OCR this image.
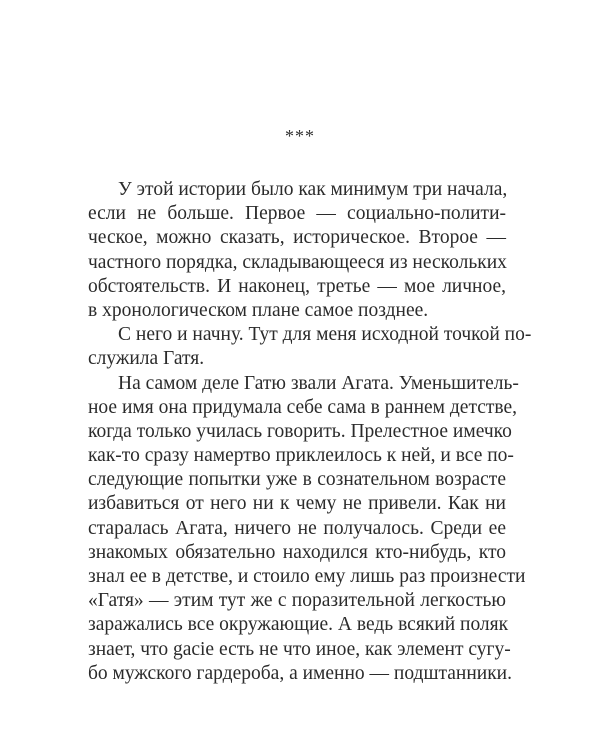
***
У этой истории было как минимум три начала,
если не больше. Первое — социально-полити-
ческое, можно сказать, историческое. Второе —
частного порядка, складывающееся из нескольких
обстоятельств. И наконец, третье — мое личное,
в хронологическом плане самое позднее.
С него и начну. Тут для меня исходной точкой по-
служила Гатя.
На самом деле Гатю звали Агата. Уменьшитель-
ное имя она придумала себе сама в раннем детстве,
когда только училась говорить. Прелестное имечко
как-то сразу намертво приклеилось к ней, и все по-
следующие попытки уже в сознательном возрасте
избавиться от него ни к чему не привели. Как ни
старалась Агата, ничего не получалось. Среди ее
знакомых обязательно находился кто-нибудь, кто
знал ее в детстве, и стоило ему лишь раз произнести
«Гатя» — этим тут же с поразительной легкостью
заражались все окружающие. А ведь всякий поляк
знает, что gacie есть не что иное, как элемент сугу-
бо мужского гардероба, а именно — подштанники.
